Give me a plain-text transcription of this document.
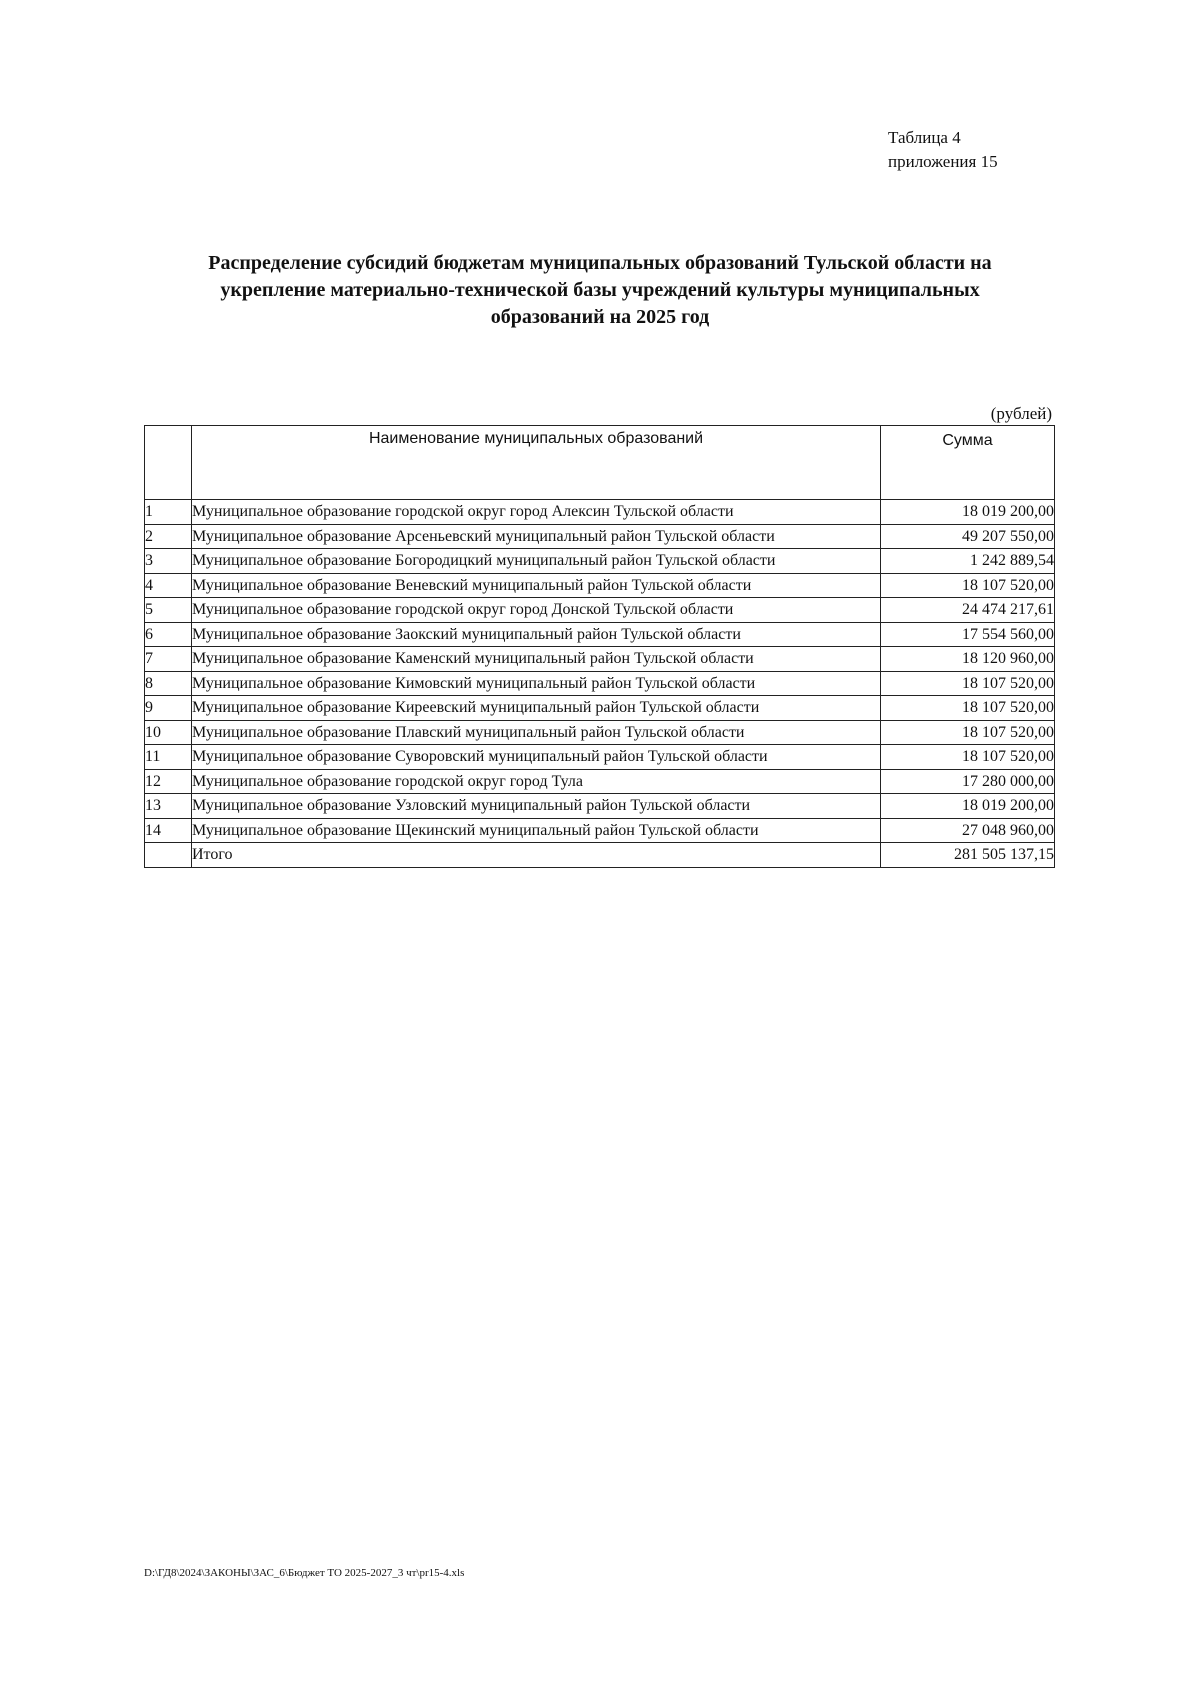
Таблица 4
приложения 15
Распределение субсидий бюджетам муниципальных образований Тульской области на
укрепление материально-технической базы учреждений культуры муниципальных
образований на 2025 год
(рублей)
	Наименование муниципальных образований	Сумма
1	Муниципальное образование городской округ город Алексин Тульской области	18 019 200,00
2	Муниципальное образование Арсеньевский муниципальный район Тульской области	49 207 550,00
3	Муниципальное образование Богородицкий муниципальный район Тульской области	1 242 889,54
4	Муниципальное образование Веневский муниципальный район Тульской области	18 107 520,00
5	Муниципальное образование городской округ город Донской Тульской области	24 474 217,61
6	Муниципальное образование Заокский муниципальный район Тульской области	17 554 560,00
7	Муниципальное образование Каменский муниципальный район Тульской области	18 120 960,00
8	Муниципальное образование Кимовский муниципальный район Тульской области	18 107 520,00
9	Муниципальное образование Киреевский муниципальный район Тульской области	18 107 520,00
10	Муниципальное образование Плавский муниципальный район Тульской области	18 107 520,00
11	Муниципальное образование Суворовский муниципальный район Тульской области	18 107 520,00
12	Муниципальное образование городской округ город Тула	17 280 000,00
13	Муниципальное образование Узловский муниципальный район Тульской области	18 019 200,00
14	Муниципальное образование Щекинский муниципальный район Тульской области	27 048 960,00
	Итого	281 505 137,15
D:\ГД8\2024\ЗАКОНЫ\ЗАС_6\Бюджет ТО 2025-2027_3 чт\pr15-4.xls
